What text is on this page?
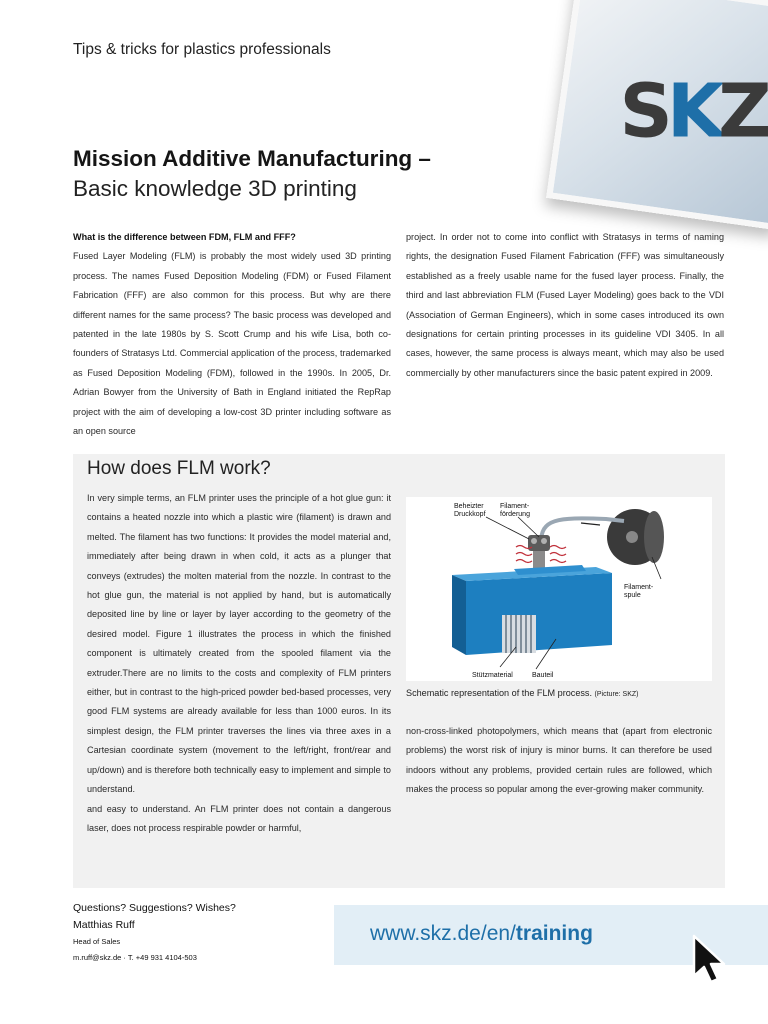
Tips & tricks for plastics professionals
SKZ
Mission Additive Manufacturing –
Basic knowledge 3D printing

What is the difference between FDM, FLM and FFF?

Fused Layer Modeling (FLM) is probably the most widely used 3D printing process. The names Fused Deposition Modeling (FDM) or Fused Filament Fabrication (FFF) are also common for this process. But why are there different names for the same process? The basic process was developed and patented in the late 1980s by S. Scott Crump and his wife Lisa, both co-founders of Stratasys Ltd. Commercial application of the process, trademarked as Fused Deposition Modeling (FDM), followed in the 1990s. In 2005, Dr. Adrian Bowyer from the University of Bath in England initiated the RepRap project with the aim of developing a low-cost 3D printer including software as an open source

project. In order not to come into conflict with Stratasys in terms of naming rights, the designation Fused Filament Fabrication (FFF) was simultaneously established as a freely usable name for the fused layer process. Finally, the third and last abbreviation FLM (Fused Layer Modeling) goes back to the VDI (Association of German Engineers), which in some cases introduced its own designations for certain printing processes in its guideline VDI 3405. In all cases, however, the same process is always meant, which may also be used commercially by other manufacturers since the basic patent expired in 2009.

How does FLM work?

In very simple terms, an FLM printer uses the principle of a hot glue gun: it contains a heated nozzle into which a plastic wire (filament) is drawn and melted. The filament has two functions: It provides the model material and, immediately after being drawn in when cold, it acts as a plunger that conveys (extrudes) the molten material from the nozzle. In contrast to the hot glue gun, the material is not applied by hand, but is automatically deposited line by line or layer by layer according to the geometry of the desired model. Figure 1 illustrates the process in which the finished component is ultimately created from the spooled filament via the extruder.There are no limits to the costs and complexity of FLM printers either, but in contrast to the high-priced powder bed-based processes, very good FLM systems are already available for less than 1000 euros. In its simplest design, the FLM printer traverses the lines via three axes in a Cartesian coordinate system (movement to the left/right, front/rear and up/down) and is therefore both technically easy to implement and simple to understand.

and easy to understand. An FLM printer does not contain a dangerous laser, does not process respirable powder or harmful,

Beheizter Druckkopf
Filament-förderung
Filament-spule
Stützmaterial	Bauteil
Schematic representation of the FLM process. (Picture: SKZ)
non-cross-linked photopolymers, which means that (apart from electronic problems) the worst risk of injury is minor burns. It can therefore be used indoors without any problems, provided certain rules are followed, which makes the process so popular among the ever-growing maker community.
Questions? Suggestions? Wishes?
Matthias Ruff
Head of Sales
m.ruff@skz.de · T. +49 931 4104-503
www.skz.de/en/training
